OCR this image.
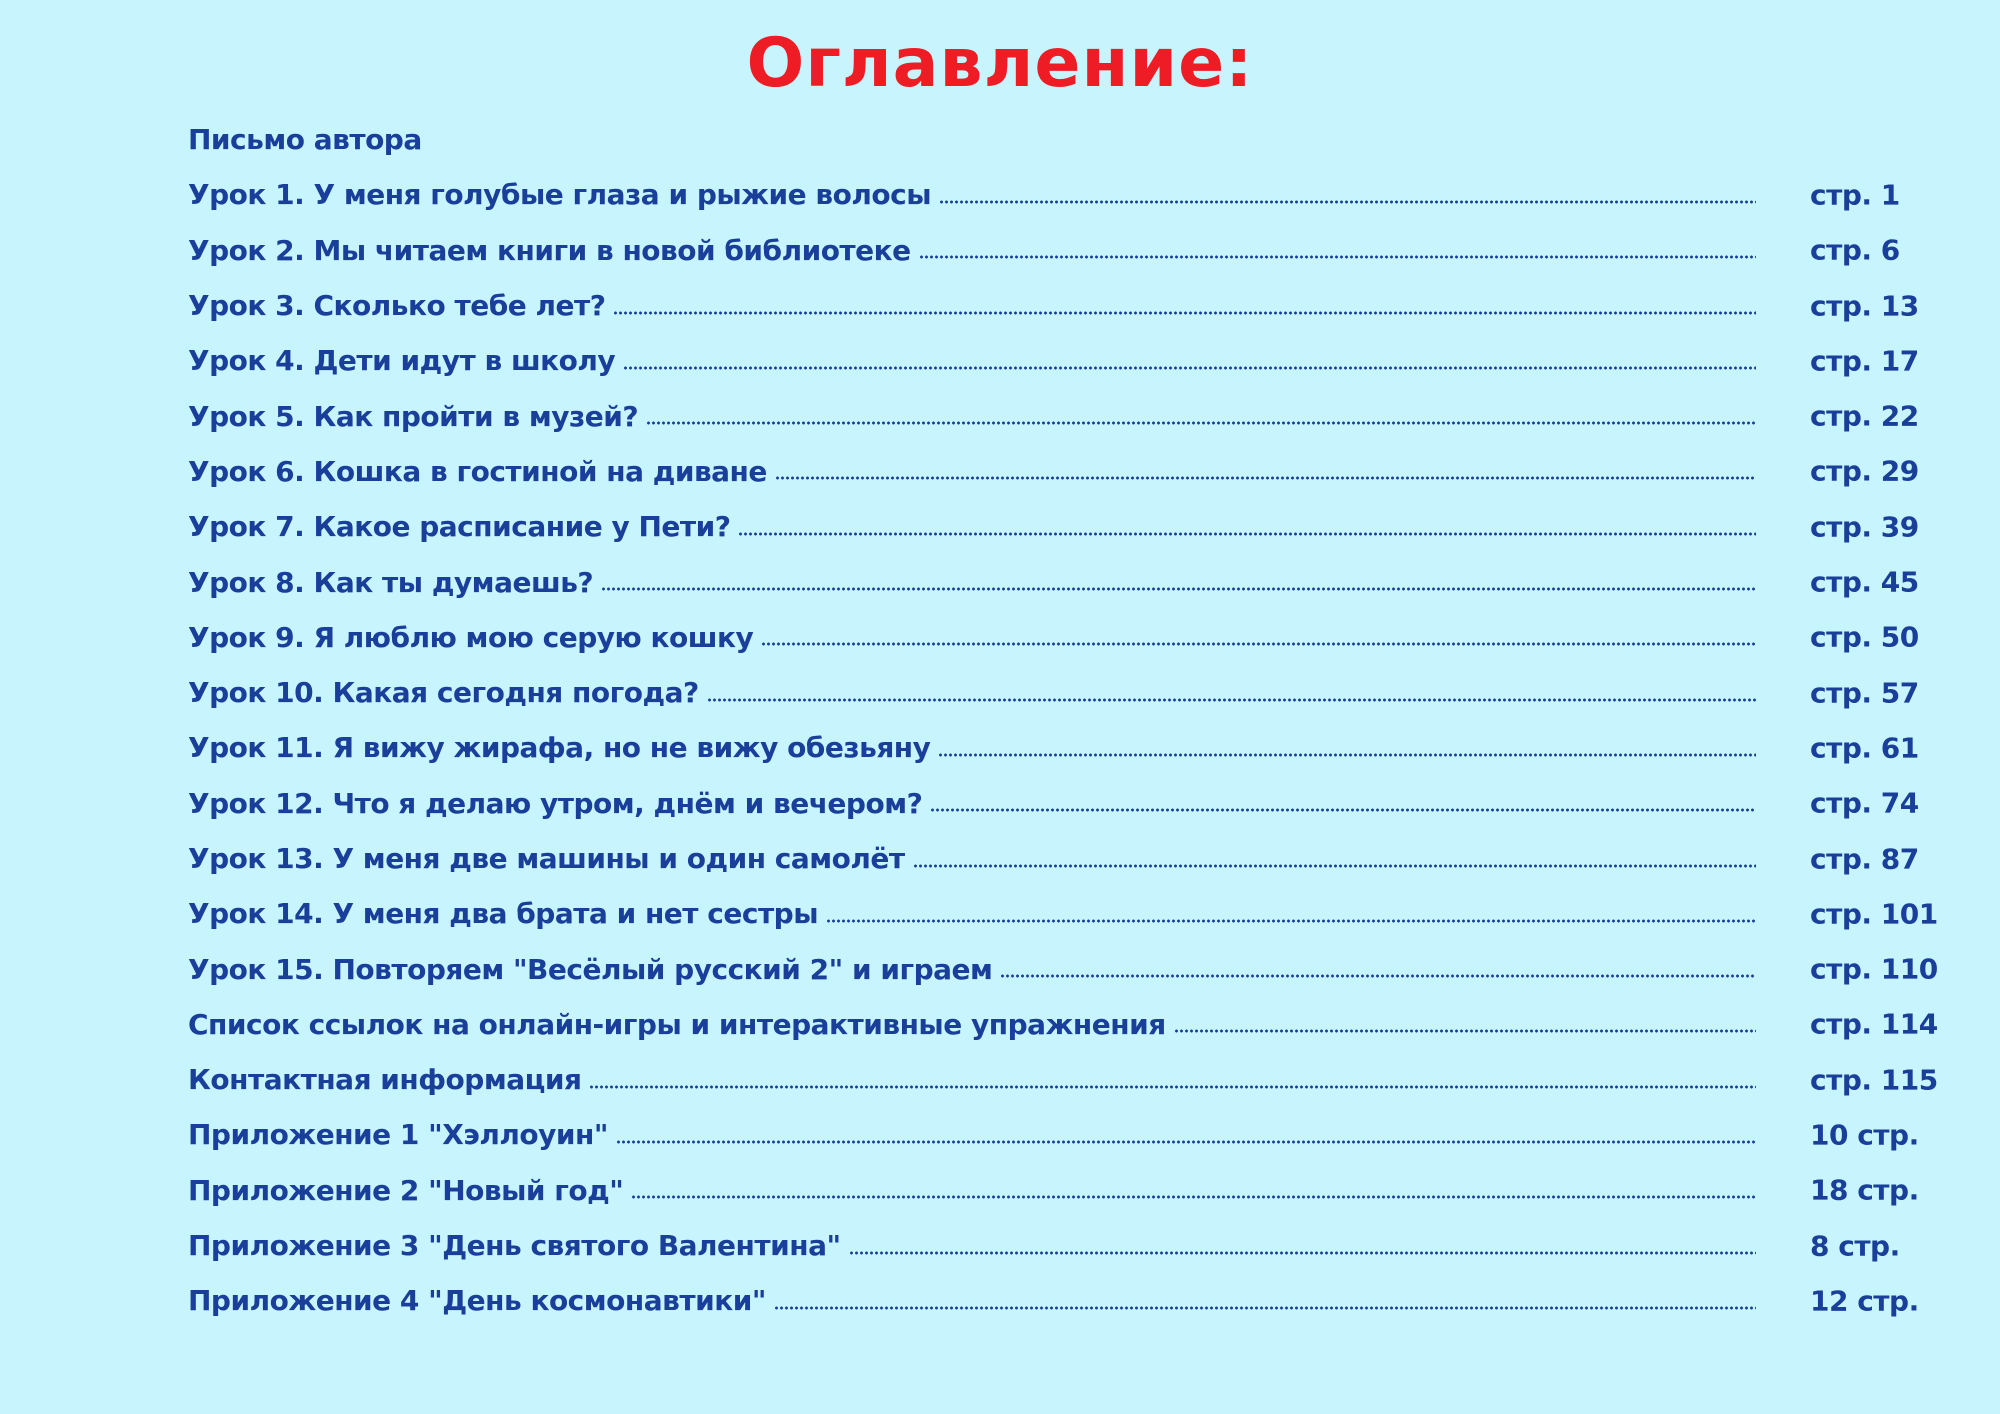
Оглавление:
Письмо автора
Урок 1. У меня голубые глаза и рыжие волосы	стр. 1
Урок 2. Мы читаем книги в новой библиотеке	стр. 6
Урок 3. Сколько тебе лет?	стр. 13
Урок 4. Дети идут в школу	стр. 17
Урок 5. Как пройти в музей?	стр. 22
Урок 6. Кошка в гостиной на диване	стр. 29
Урок 7. Какое расписание у Пети?	стр. 39
Урок 8. Как ты думаешь?	стр. 45
Урок 9. Я люблю мою серую кошку	стр. 50
Урок 10. Какая сегодня погода?	стр. 57
Урок 11. Я вижу жирафа, но не вижу обезьяну	стр. 61
Урок 12. Что я делаю утром, днём и вечером?	стр. 74
Урок 13. У меня две машины и один самолёт	стр. 87
Урок 14. У меня два брата и нет сестры	стр. 101
Урок 15. Повторяем "Весёлый русский 2" и играем	стр. 110
Список ссылок на онлайн-игры и интерактивные упражнения	стр. 114
Контактная информация	стр. 115
Приложение 1 "Хэллоуин"	10 стр.
Приложение 2 "Новый год"	18 стр.
Приложение 3 "День святого Валентина"	8 стр.
Приложение 4 "День космонавтики"	12 стр.
